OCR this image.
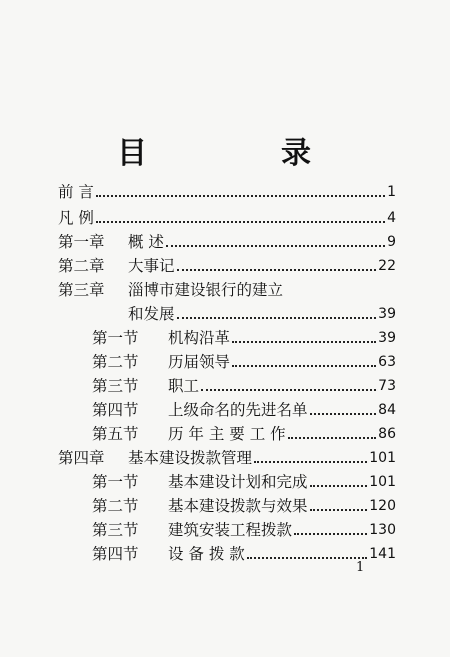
目　录
前 言	1
凡 例	4
第一章	概 述	9
第二章	大事记	22
第三章	淄博市建设银行的建立
和发展	39
第一节	机构沿革	39
第二节	历届领导	63
第三节	职工	73
第四节	上级命名的先进名单	84
第五节	历 年 主 要 工 作	86
第四章	基本建设拨款管理	101
第一节	基本建设计划和完成	101
第二节	基本建设拨款与效果	120
第三节	建筑安装工程拨款	130
第四节	设 备 拨 款	141
1
